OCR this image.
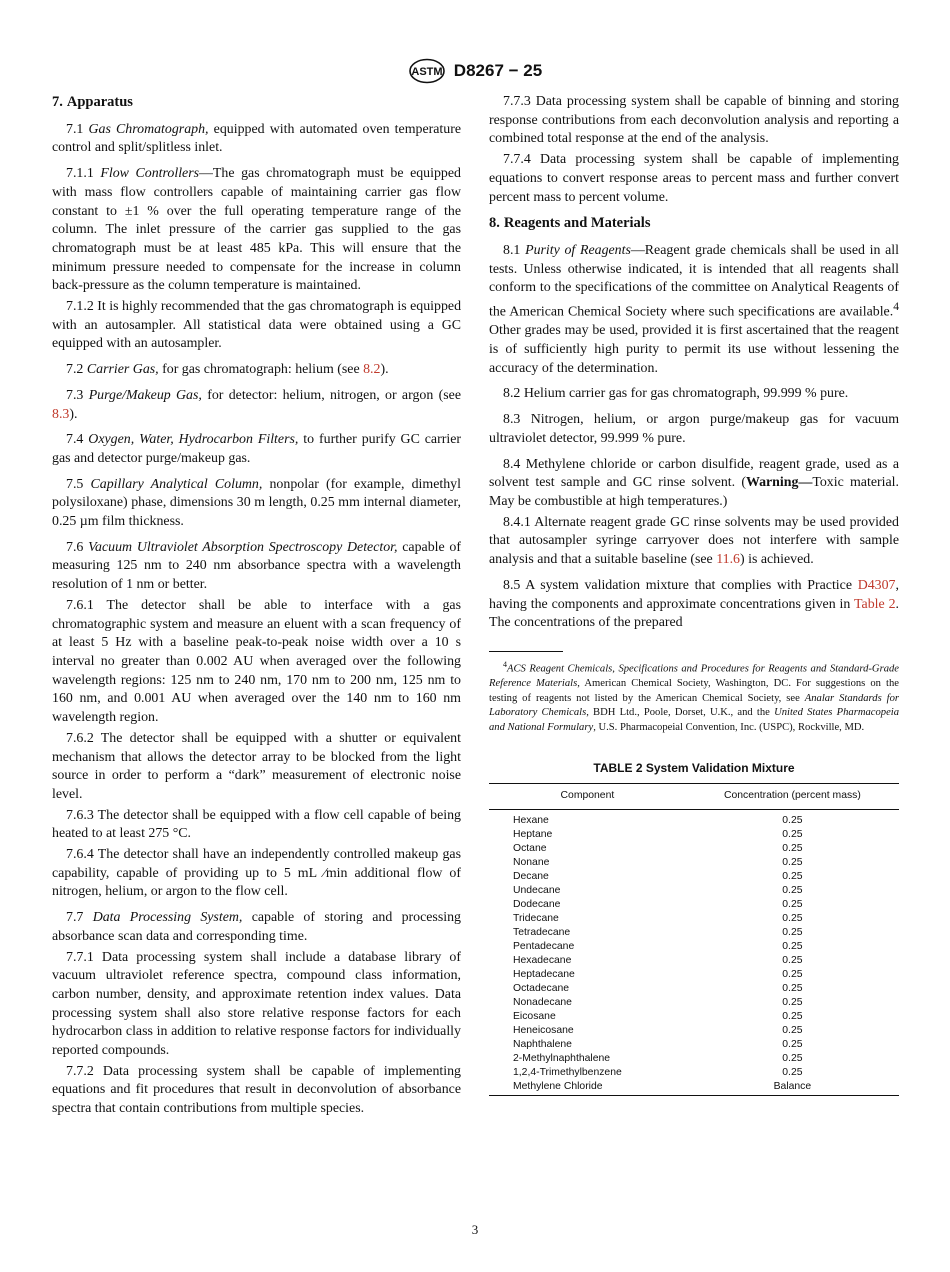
ASTM D8267 − 25
7. Apparatus

7.1 Gas Chromatograph, equipped with automated oven temperature control and split/splitless inlet.

7.1.1 Flow Controllers—The gas chromatograph must be equipped with mass flow controllers capable of maintaining carrier gas flow constant to ±1 % over the full operating temperature range of the column. The inlet pressure of the carrier gas supplied to the gas chromatograph must be at least 485 kPa. This will ensure that the minimum pressure needed to compensate for the increase in column back-pressure as the column temperature is maintained.

7.1.2 It is highly recommended that the gas chromatograph is equipped with an autosampler. All statistical data were obtained using a GC equipped with an autosampler.

7.2 Carrier Gas, for gas chromatograph: helium (see 8.2).

7.3 Purge/Makeup Gas, for detector: helium, nitrogen, or argon (see 8.3).

7.4 Oxygen, Water, Hydrocarbon Filters, to further purify GC carrier gas and detector purge/makeup gas.

7.5 Capillary Analytical Column, nonpolar (for example, dimethyl polysiloxane) phase, dimensions 30 m length, 0.25 mm internal diameter, 0.25 µm film thickness.

7.6 Vacuum Ultraviolet Absorption Spectroscopy Detector, capable of measuring 125 nm to 240 nm absorbance spectra with a wavelength resolution of 1 nm or better.

7.6.1 The detector shall be able to interface with a gas chromatographic system and measure an eluent with a scan frequency of at least 5 Hz with a baseline peak-to-peak noise width over a 10 s interval no greater than 0.002 AU when averaged over the following wavelength regions: 125 nm to 240 nm, 170 nm to 200 nm, 125 nm to 160 nm, and 0.001 AU when averaged over the 140 nm to 160 nm wavelength region.

7.6.2 The detector shall be equipped with a shutter or equivalent mechanism that allows the detector array to be blocked from the light source in order to perform a “dark” measurement of electronic noise level.

7.6.3 The detector shall be equipped with a flow cell capable of being heated to at least 275 °C.

7.6.4 The detector shall have an independently controlled makeup gas capability, capable of providing up to 5 mL ⁄min additional flow of nitrogen, helium, or argon to the flow cell.

7.7 Data Processing System, capable of storing and processing absorbance scan data and corresponding time.

7.7.1 Data processing system shall include a database library of vacuum ultraviolet reference spectra, compound class information, carbon number, density, and approximate retention index values. Data processing system shall also store relative response factors for each hydrocarbon class in addition to relative response factors for individually reported compounds.

7.7.2 Data processing system shall be capable of implementing equations and fit procedures that result in deconvolution of absorbance spectra that contain contributions from multiple species.

7.7.3 Data processing system shall be capable of binning and storing response contributions from each deconvolution analysis and reporting a combined total response at the end of the analysis.

7.7.4 Data processing system shall be capable of implementing equations to convert response areas to percent mass and further convert percent mass to percent volume.

8. Reagents and Materials

8.1 Purity of Reagents—Reagent grade chemicals shall be used in all tests. Unless otherwise indicated, it is intended that all reagents shall conform to the specifications of the committee on Analytical Reagents of the American Chemical Society where such specifications are available.$^4$ Other grades may be used, provided it is first ascertained that the reagent is of sufficiently high purity to permit its use without lessening the accuracy of the determination.

8.2 Helium carrier gas for gas chromatograph, 99.999 % pure.

8.3 Nitrogen, helium, or argon purge/makeup gas for vacuum ultraviolet detector, 99.999 % pure.

8.4 Methylene chloride or carbon disulfide, reagent grade, used as a solvent test sample and GC rinse solvent. (Warning—Toxic material. May be combustible at high temperatures.)

8.4.1 Alternate reagent grade GC rinse solvents may be used provided that autosampler syringe carryover does not interfere with sample analysis and that a suitable baseline (see 11.6) is achieved.

8.5 A system validation mixture that complies with Practice D4307, having the components and approximate concentrations given in Table 2. The concentrations of the prepared

$^4$ACS Reagent Chemicals, Specifications and Procedures for Reagents and Standard-Grade Reference Materials, American Chemical Society, Washington, DC. For suggestions on the testing of reagents not listed by the American Chemical Society, see Analar Standards for Laboratory Chemicals, BDH Ltd., Poole, Dorset, U.K., and the United States Pharmacopeia and National Formulary, U.S. Pharmacopeial Convention, Inc. (USPC), Rockville, MD.

TABLE 2 System Validation Mixture
Component	Concentration (percent mass)
Hexane	0.25
Heptane	0.25
Octane	0.25
Nonane	0.25
Decane	0.25
Undecane	0.25
Dodecane	0.25
Tridecane	0.25
Tetradecane	0.25
Pentadecane	0.25
Hexadecane	0.25
Heptadecane	0.25
Octadecane	0.25
Nonadecane	0.25
Eicosane	0.25
Heneicosane	0.25
Naphthalene	0.25
2-Methylnaphthalene	0.25
1,2,4-Trimethylbenzene	0.25
Methylene Chloride	Balance
3
